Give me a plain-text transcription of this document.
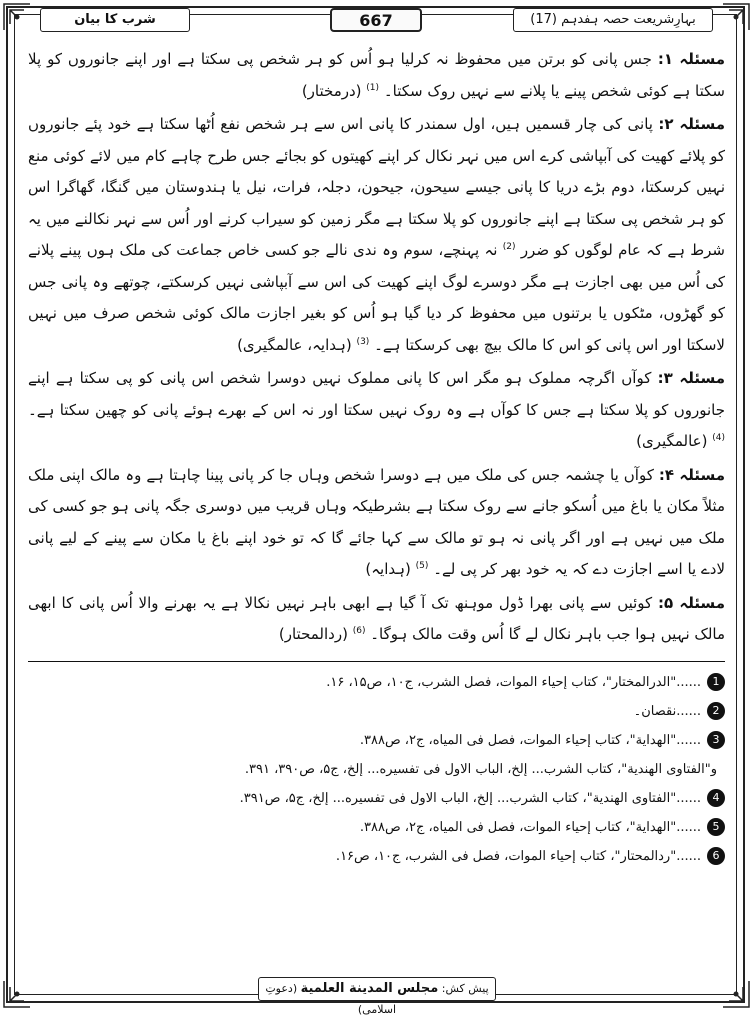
بہارِشریعت حصہ ہفدہم (17)
667
شرب کا بیان

مسئلہ ۱: جس پانی کو برتن میں محفوظ نہ کرلیا ہو اُس کو ہر شخص پی سکتا ہے اور اپنے جانوروں کو پلا سکتا ہے کوئی شخص پینے یا پلانے سے نہیں روک سکتا۔ $^{(1)}$ (درمختار)

مسئلہ ۲: پانی کی چار قسمیں ہیں، اول سمندر کا پانی اس سے ہر شخص نفع اُٹھا سکتا ہے خود پئے جانوروں کو پلائے کھیت کی آبپاشی کرے اس میں نہر نکال کر اپنے کھیتوں کو بجائے جس طرح چاہے کام میں لائے کوئی منع نہیں کرسکتا، دوم بڑے دریا کا پانی جیسے سیحون، جیحون، دجلہ، فرات، نیل یا ہندوستان میں گنگا، گھاگرا اس کو ہر شخص پی سکتا ہے اپنے جانوروں کو پلا سکتا ہے مگر زمین کو سیراب کرنے اور اُس سے نہر نکالنے میں یہ شرط ہے کہ عام لوگوں کو ضرر $^{(2)}$ نہ پہنچے، سوم وہ ندی نالے جو کسی خاص جماعت کی ملک ہوں پینے پلانے کی اُس میں بھی اجازت ہے مگر دوسرے لوگ اپنے کھیت کی اس سے آبپاشی نہیں کرسکتے، چوتھے وہ پانی جس کو گھڑوں، مٹکوں یا برتنوں میں محفوظ کر دیا گیا ہو اُس کو بغیر اجازت مالک کوئی شخص صرف میں نہیں لاسکتا اور اس پانی کو اس کا مالک بیچ بھی کرسکتا ہے۔ $^{(3)}$ (ہدایہ، عالمگیری)

مسئلہ ۳: کوآں اگرچہ مملوک ہو مگر اس کا پانی مملوک نہیں دوسرا شخص اس پانی کو پی سکتا ہے اپنے جانوروں کو پلا سکتا ہے جس کا کوآں ہے وہ روک نہیں سکتا اور نہ اس کے بھرے ہوئے پانی کو چھین سکتا ہے۔ $^{(4)}$ (عالمگیری)

مسئلہ ۴: کوآں یا چشمہ جس کی ملک میں ہے دوسرا شخص وہاں جا کر پانی پینا چاہتا ہے وہ مالک اپنی ملک مثلاً مکان یا باغ میں اُسکو جانے سے روک سکتا ہے بشرطیکہ وہاں قریب میں دوسری جگہ پانی ہو جو کسی کی ملک میں نہیں ہے اور اگر پانی نہ ہو تو مالک سے کہا جائے گا کہ تو خود اپنے باغ یا مکان سے پینے کے لیے پانی لادے یا اسے اجازت دے کہ یہ خود بھر کر پی لے۔ $^{(5)}$ (ہدایہ)

مسئلہ ۵: کوئیں سے پانی بھرا ڈول موہنھ تک آ گیا ہے ابھی باہر نہیں نکالا ہے یہ بھرنے والا اُس پانی کا ابھی مالک نہیں ہوا جب باہر نکال لے گا اُس وقت مالک ہوگا۔ $^{(6)}$ (ردالمحتار)

1......"الدرالمختار"، کتاب إحیاء الموات، فصل الشرب، ج۱۰، ص۱۵، ۱۶.
2......نقصان۔
3......"الهداية"، کتاب إحیاء الموات، فصل فی المیاه، ج۲، ص۳۸۸.
و"الفتاوى الهندية"، کتاب الشرب... إلخ، الباب الاول فی تفسیره... إلخ، ج۵، ص۳۹۰، ۳۹۱.
4......"الفتاوى الهندية"، کتاب الشرب... إلخ، الباب الاول فی تفسیره... إلخ، ج۵، ص۳۹۱.
5......"الهداية"، کتاب إحیاء الموات، فصل فی المیاه، ج۲، ص۳۸۸.
6......"ردالمحتار"، کتاب إحیاء الموات، فصل فی الشرب، ج۱۰، ص۱۶.
پیش کش: مجلس المدينة العلمية (دعوتِ اسلامی)
